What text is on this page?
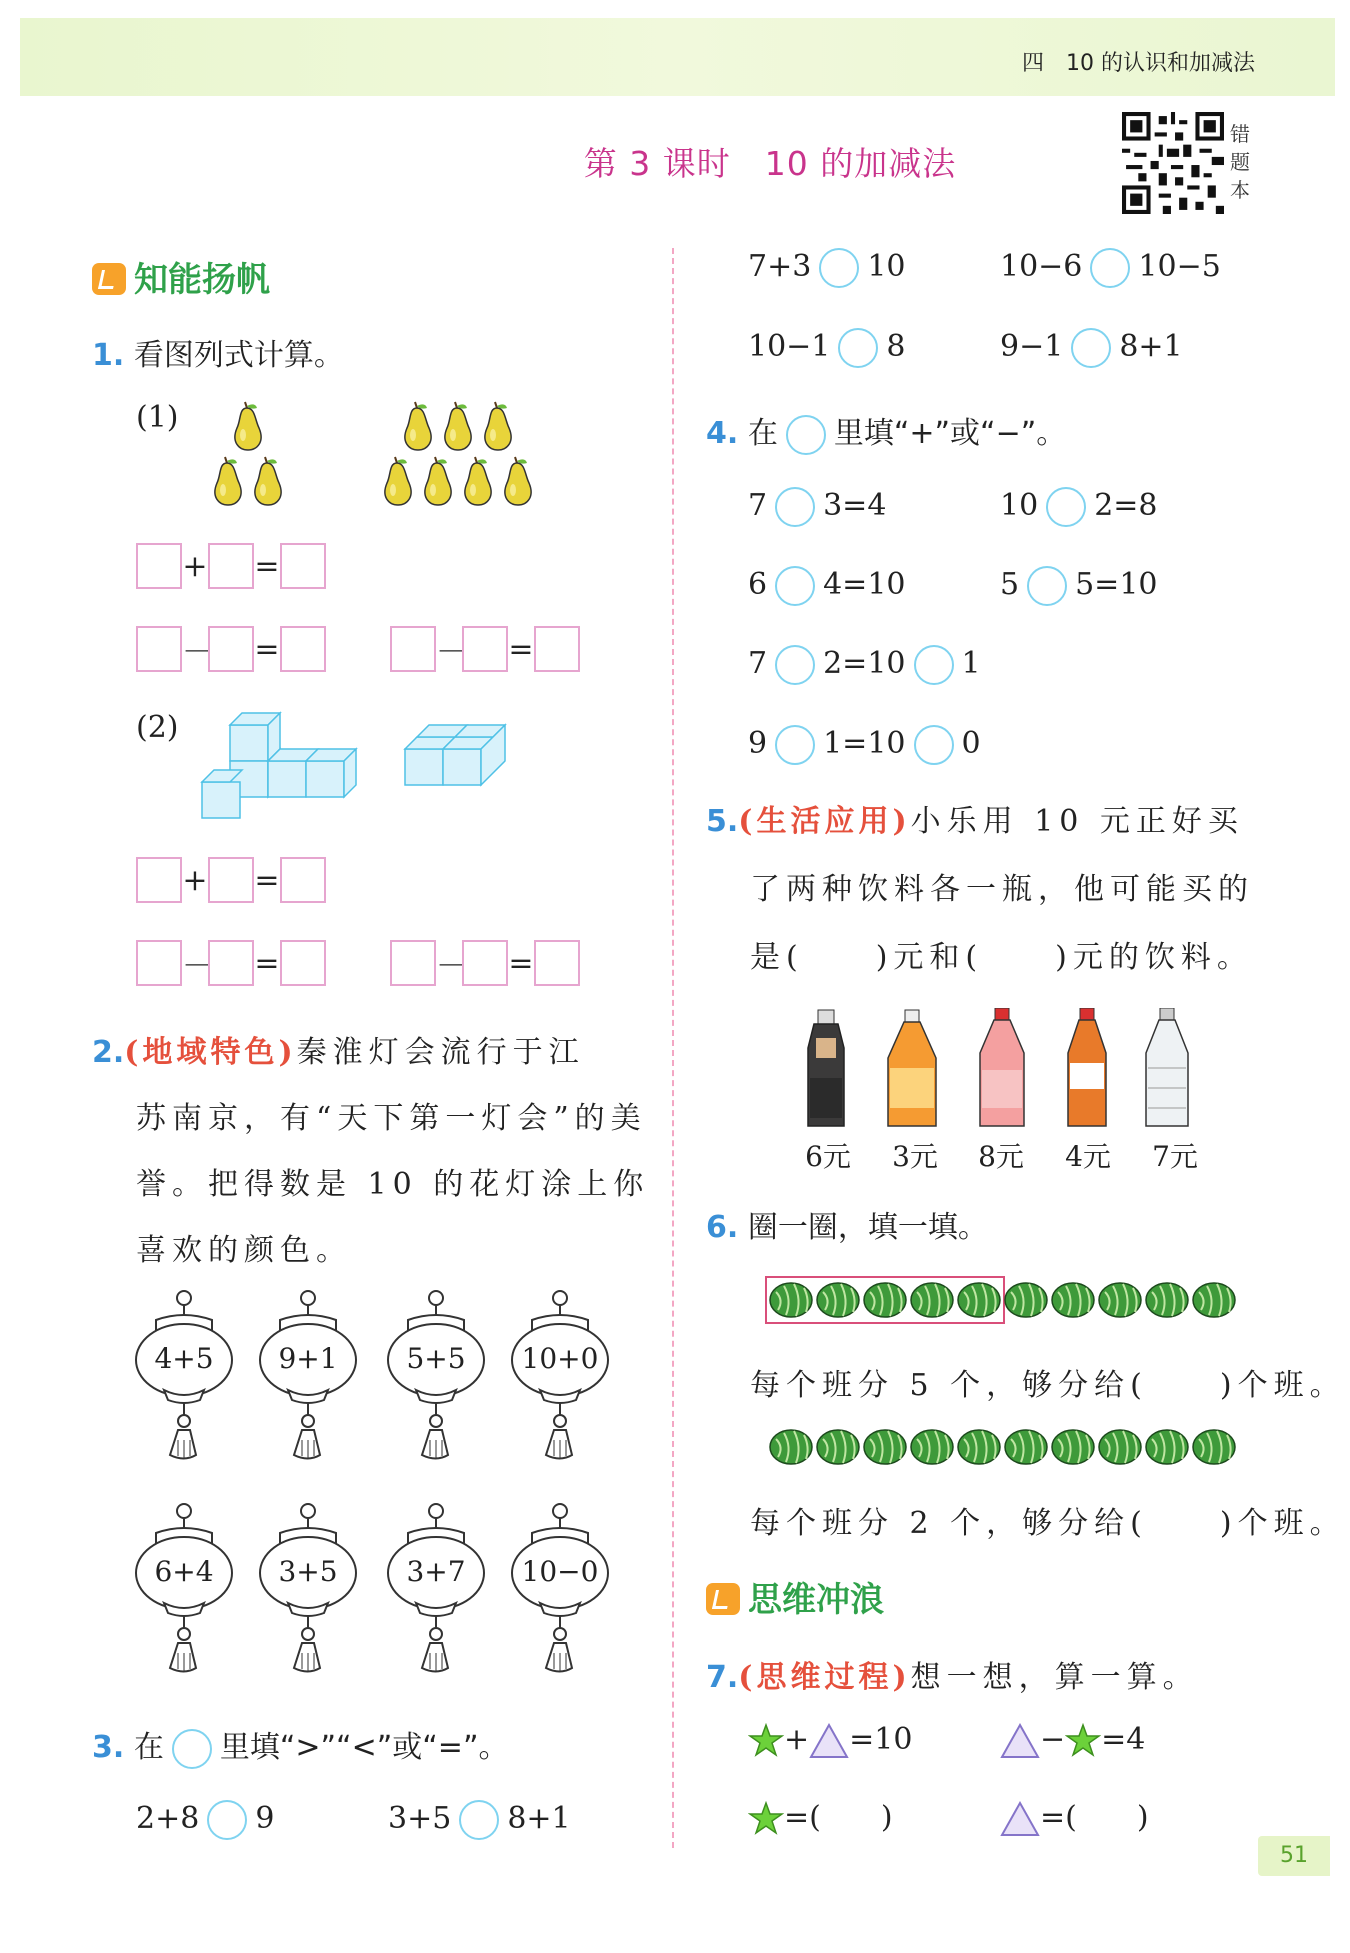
四　10 的认识和加减法
第 3 课时　10 的加减法
错题本
知能扬帆
1. 看图列式计算。
(1)
+ =
－ =	－ =
(2)
+ =
－ =	－ =
2.(地域特色)秦淮灯会流行于江
苏南京，有“天下第一灯会”的美
誉。把得数是 10 的花灯涂上你
喜欢的颜色。
4+5	9+1	5+5	10+0
6+4	3+5	3+7	10−0
3. 在 里填“>”“<”或“=”。
2+8 9	3+5 8+1
7+3 10	10−6 10−5
10−1 8	9−1 8+1
4. 在 里填“+”或“−”。
7 3=4	10 2=8
6 4=10	5 5=10
7 2=10 1
9 1=10 0
5.(生活应用)小乐用 10 元正好买
了两种饮料各一瓶，他可能买的
是(　　)元和(　　)元的饮料。
6元	3元	8元	4元	7元
6. 圈一圈，填一填。
每个班分 5 个，够分给(　　)个班。
每个班分 2 个，够分给(　　)个班。
思维冲浪
7.(思维过程)想一想，算一算。
+ =10	− =4
=(　　)	=(　　)
51
